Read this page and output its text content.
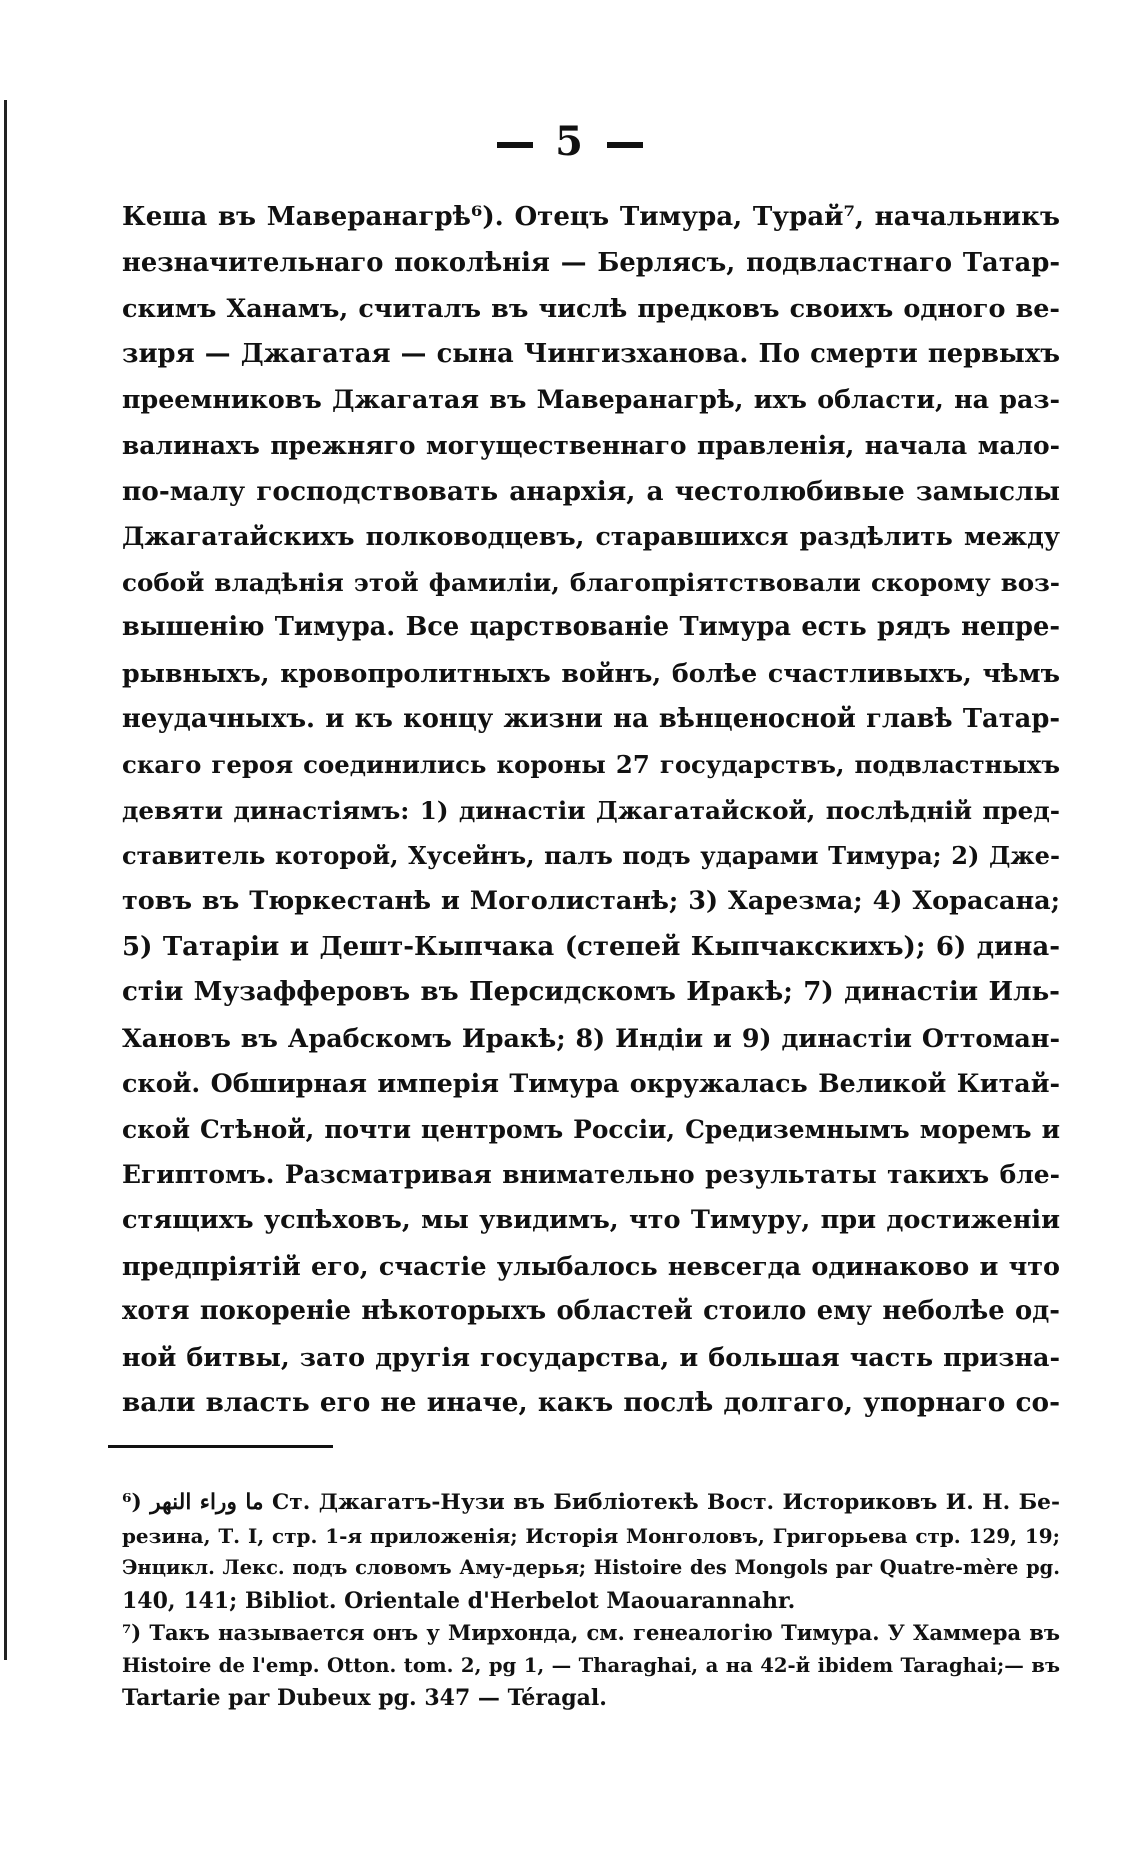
5
Кеша въ Маверанагрѣ⁶). Отецъ Тимура, Турай⁷, начальникъ
незначительнаго поколѣнія — Берлясъ, подвластнаго Татар-
скимъ Ханамъ, считалъ въ числѣ предковъ своихъ одного ве-
зиря — Джагатая — сына Чингизханова. По смерти первыхъ
преемниковъ Джагатая въ Маверанагрѣ, ихъ области, на раз-
валинахъ прежняго могущественнаго правленія, начала мало-
по-малу господствовать анархія, а честолюбивые замыслы
Джагатайскихъ полководцевъ, старавшихся раздѣлить между
собой владѣнія этой фамиліи, благопріятствовали скорому воз-
вышенію Тимура. Все царствованіе Тимура есть рядъ непре-
рывныхъ, кровопролитныхъ войнъ, болѣе счастливыхъ, чѣмъ
неудачныхъ. и къ концу жизни на вѣнценосной главѣ Татар-
скаго героя соединились короны 27 государствъ, подвластныхъ
девяти династіямъ: 1) династіи Джагатайской, послѣдній пред-
ставитель которой, Хусейнъ, палъ подъ ударами Тимура; 2) Дже-
товъ въ Тюркестанѣ и Моголистанѣ; 3) Харезма; 4) Хорасана;
5) Татаріи и Дешт-Кыпчака (степей Кыпчакскихъ); 6) дина-
стіи Музафферовъ въ Персидскомъ Иракѣ; 7) династіи Иль-
Хановъ въ Арабскомъ Иракѣ; 8) Индіи и 9) династіи Оттоман-
ской. Обширная имперія Тимура окружалась Великой Китай-
ской Стѣной, почти центромъ Россіи, Средиземнымъ моремъ и
Египтомъ. Разсматривая внимательно результаты такихъ бле-
стящихъ успѣховъ, мы увидимъ, что Тимуру, при достиженіи
предпріятій его, счастіе улыбалось невсегда одинаково и что
хотя покореніе нѣкоторыхъ областей стоило ему неболѣе од-
ной битвы, зато другія государства, и большая часть призна-
вали власть его не иначе, какъ послѣ долгаго, упорнаго со-
⁶) ما وراء النهر Ст. Джагатъ-Нузи въ Библіотекѣ Вост. Историковъ И. Н. Бе-
резина, Т. I, стр. 1-я приложенія; Исторія Монголовъ, Григорьева стр. 129, 19;
Энцикл. Лекс. подъ словомъ Аму-дерья; Histoire des Mongols par Quatre-mère pg.
140, 141; Bibliot. Orientale d'Herbelot Maouarannahr.
⁷) Такъ называется онъ у Мирхонда, см. генеалогію Тимура. У Хаммера въ
Histoire de l'emp. Otton. tom. 2, pg 1, — Tharaghai, а на 42-й ibidem Taraghai;— въ
Tartarie par Dubeux pg. 347 — Téragal.
